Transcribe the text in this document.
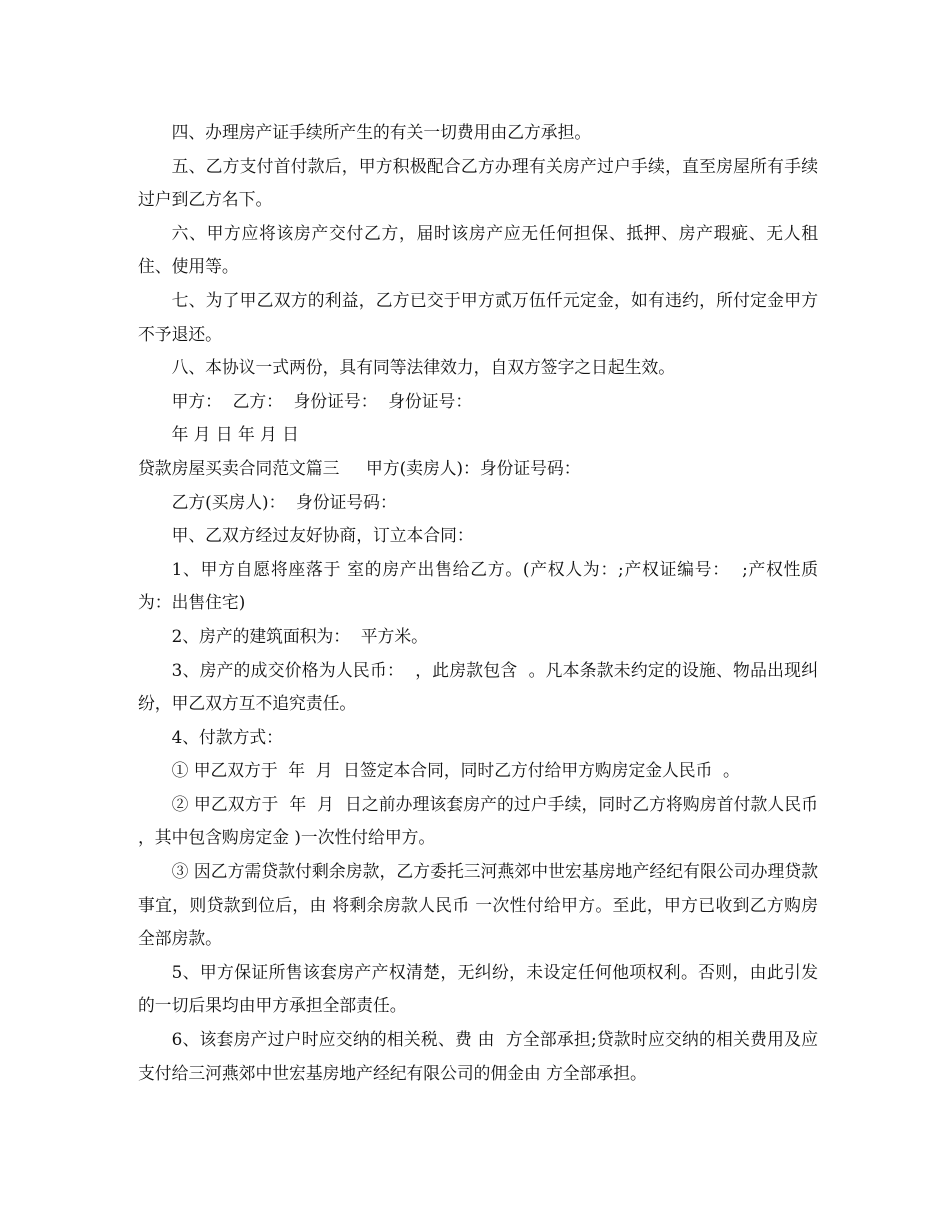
四、办理房产证手续所产生的有关一切费用由乙方承担。

五、乙方支付首付款后，甲方积极配合乙方办理有关房产过户手续，直至房屋所有手续过户到乙方名下。

六、甲方应将该房产交付乙方，届时该房产应无任何担保、抵押、房产瑕疵、无人租住、使用等。

七、为了甲乙双方的利益，乙方已交于甲方贰万伍仟元定金，如有违约，所付定金甲方不予退还。

八、本协议一式两份，具有同等法律效力，自双方签字之日起生效。

甲方：  乙方：  身份证号：  身份证号：

年 月 日 年 月 日

贷款房屋买卖合同范文篇三     甲方(卖房人)：身份证号码：

乙方(买房人)：  身份证号码：

甲、乙双方经过友好协商，订立本合同：

1、甲方自愿将座落于 室的房产出售给乙方。(产权人为：;产权证编号：  ;产权性质为：出售住宅)

2、房产的建筑面积为：  平方米。

3、房产的成交价格为人民币：  ，此房款包含  。凡本条款未约定的设施、物品出现纠纷，甲乙双方互不追究责任。

4、付款方式：

① 甲乙双方于  年  月  日签定本合同，同时乙方付给甲方购房定金人民币  。

② 甲乙双方于  年  月  日之前办理该套房产的过户手续，同时乙方将购房首付款人民币 ，其中包含购房定金 )一次性付给甲方。

③ 因乙方需贷款付剩余房款，乙方委托三河燕郊中世宏基房地产经纪有限公司办理贷款事宜，则贷款到位后，由 将剩余房款人民币 一次性付给甲方。至此，甲方已收到乙方购房全部房款。

5、甲方保证所售该套房产产权清楚，无纠纷，未设定任何他项权利。否则，由此引发的一切后果均由甲方承担全部责任。

6、该套房产过户时应交纳的相关税、费 由  方全部承担;贷款时应交纳的相关费用及应支付给三河燕郊中世宏基房地产经纪有限公司的佣金由 方全部承担。
